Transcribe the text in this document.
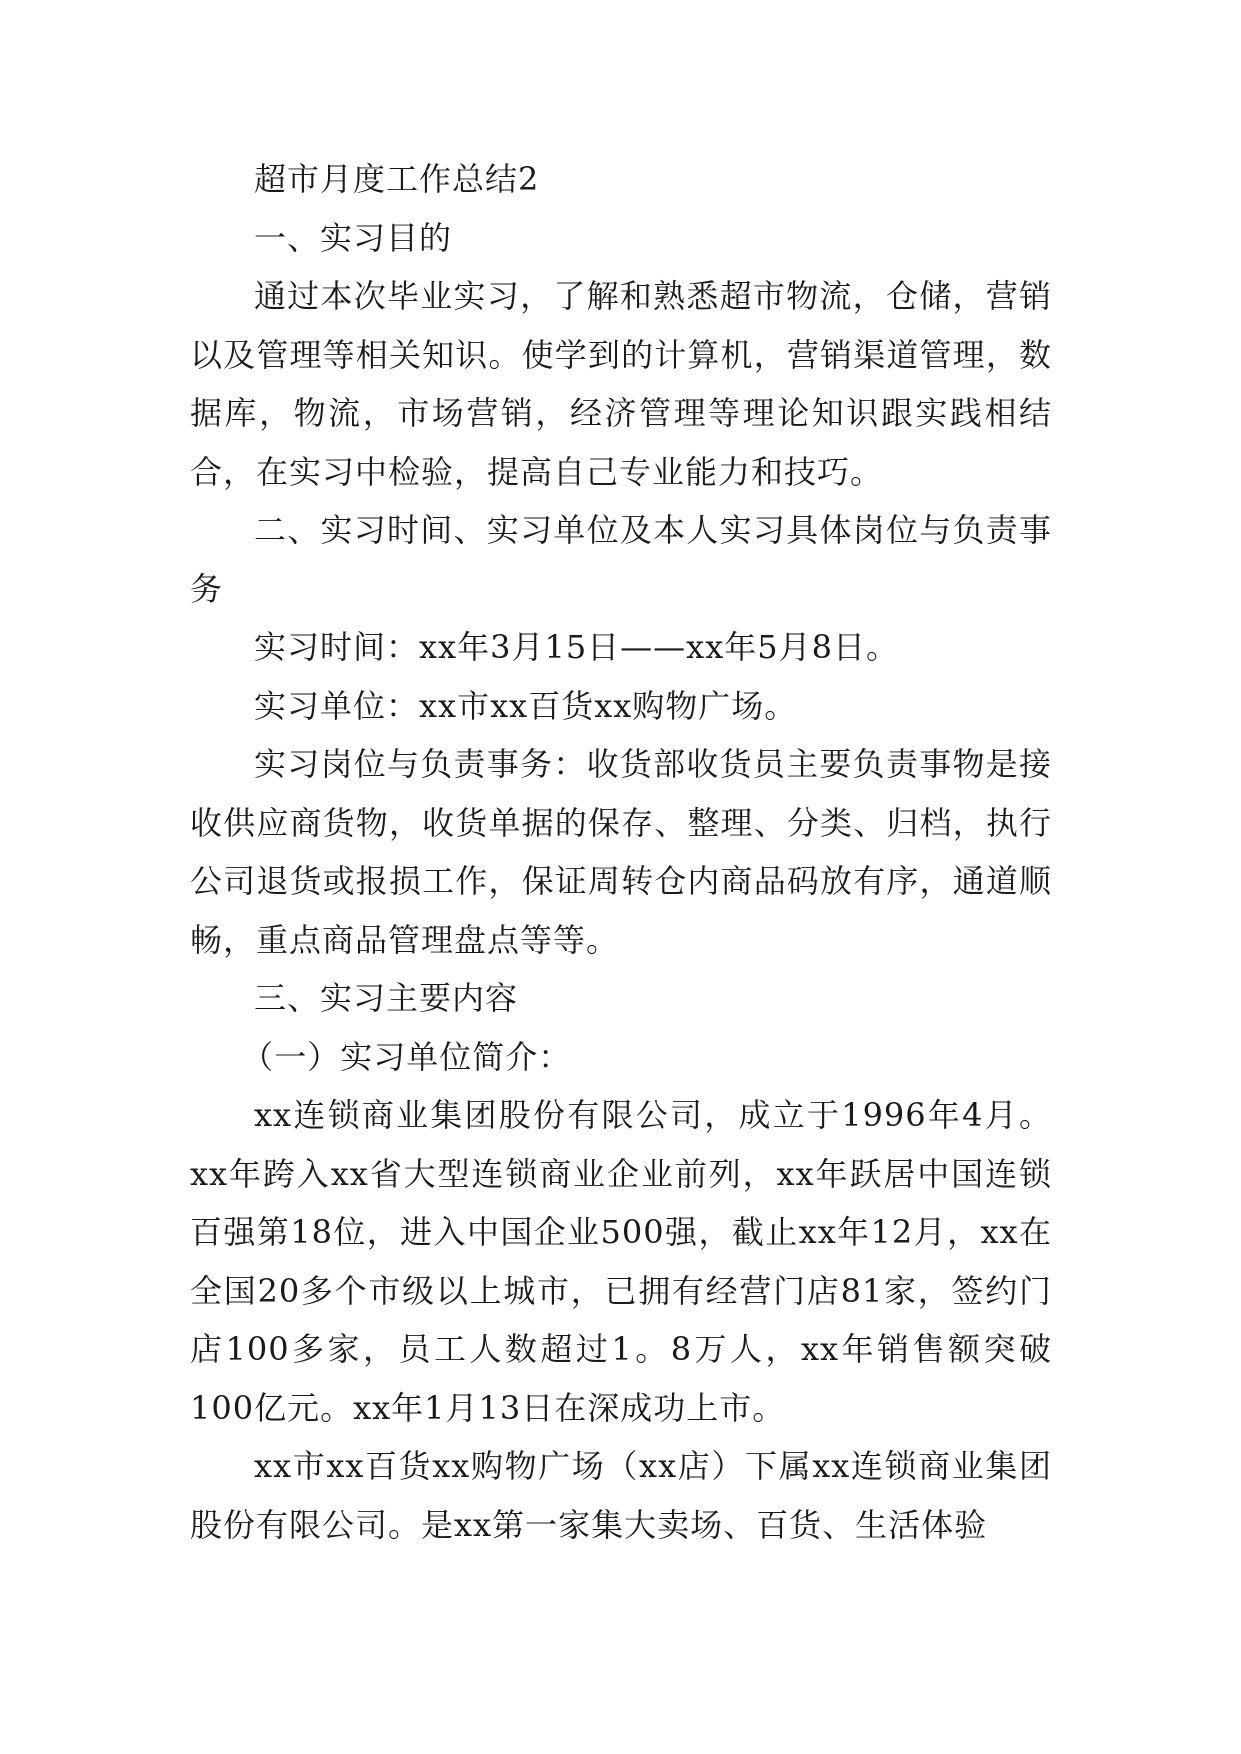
超市月度工作总结2

一、实习目的

通过本次毕业实习，了解和熟悉超市物流，仓储，营销以及管理等相关知识。使学到的计算机，营销渠道管理，数据库，物流，市场营销，经济管理等理论知识跟实践相结合，在实习中检验，提高自己专业能力和技巧。

二、实习时间、实习单位及本人实习具体岗位与负责事务

实习时间：xx年3月15日——xx年5月8日。

实习单位：xx市xx百货xx购物广场。

实习岗位与负责事务：收货部收货员主要负责事物是接收供应商货物，收货单据的保存、整理、分类、归档，执行公司退货或报损工作，保证周转仓内商品码放有序，通道顺畅，重点商品管理盘点等等。

三、实习主要内容

（一）实习单位简介：

xx连锁商业集团股份有限公司，成立于1996年4月。xx年跨入xx省大型连锁商业企业前列，xx年跃居中国连锁百强第18位，进入中国企业500强，截止xx年12月，xx在全国20多个市级以上城市，已拥有经营门店81家，签约门店100多家，员工人数超过1。8万人，xx年销售额突破100亿元。xx年1月13日在深成功上市。

xx市xx百货xx购物广场（xx店）下属xx连锁商业集团股份有限公司。是xx第一家集大卖场、百货、生活体验
